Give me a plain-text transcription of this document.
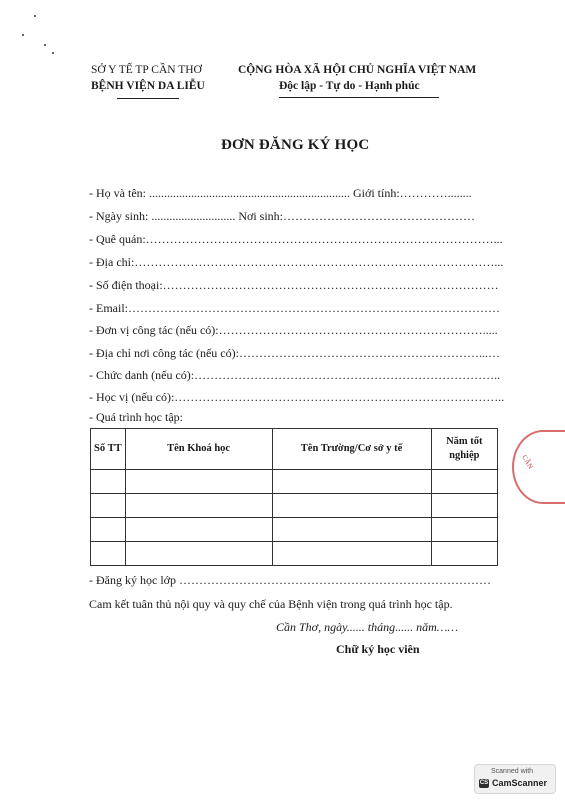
SỞ Y TẾ TP CẦN THƠ
BỆNH VIỆN DA LIỄU
CỘNG HÒA XÃ HỘI CHỦ NGHĨA VIỆT NAM
Độc lập - Tự do - Hạnh phúc
ĐƠN ĐĂNG KÝ HỌC
- Họ và tên: ................................................................... Giới tính:…………........
- Ngày sinh: ............................ Nơi sinh:…………………………………………
- Quê quán:……………………………………………………………………………...
- Địa chỉ:………………………………………………………………………………...
- Số điện thoại:…………………………………………………………………………
- Email:…………………………………………………………………………………
- Đơn vị công tác (nếu có):………………………………………………………….....
- Địa chỉ nơi công tác (nếu có):……………………………………………………...…
- Chức danh (nếu có):…………………………………………………………………..
- Học vị (nếu có):………………………………………………………………………..
- Quá trình học tập:
Số TT	Tên Khoá học	Tên Trường/Cơ sở y tế	Năm tốt nghiệp

- Đăng ký học lớp ……………………………………………………………………
Cam kết tuân thủ nội quy và quy chế của Bệnh viện trong quá trình học tập.
Cần Thơ, ngày...... tháng...... năm……
Chữ ký học viên
CẦN
Scanned with
CS CamScanner
